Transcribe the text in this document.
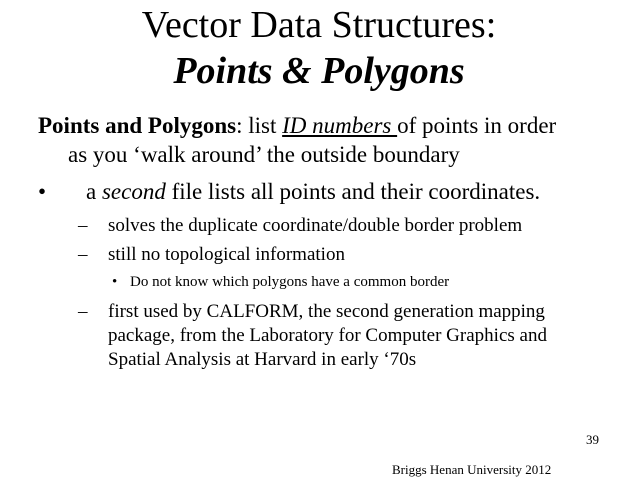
Vector Data Structures:
Points & Polygons
Points and Polygons: list ID numbers of points in order
as you ‘walk around’ the outside boundary
• a second file lists all points and their coordinates.
– solves the duplicate coordinate/double border problem
– still no topological information
• Do not know which polygons have a common border
– first used by CALFORM, the second generation mapping
package, from the Laboratory for Computer Graphics and
Spatial Analysis at Harvard in early ‘70s
39
Briggs Henan University 2012
